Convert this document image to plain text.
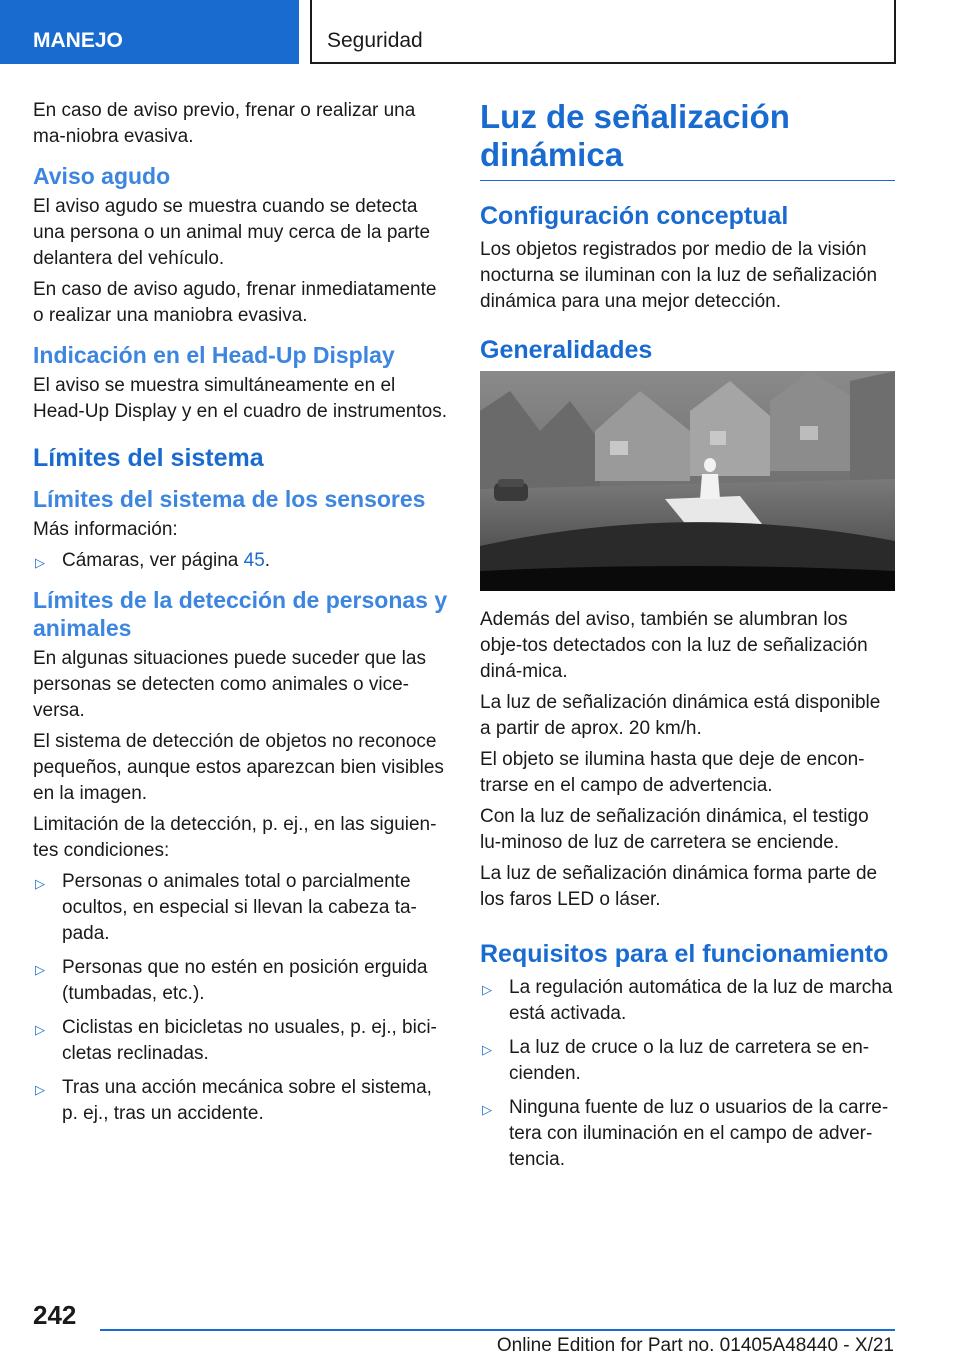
MANEJO	Seguridad

En caso de aviso previo, frenar o realizar una ma-niobra evasiva.

Aviso agudo

El aviso agudo se muestra cuando se detecta una persona o un animal muy cerca de la parte delantera del vehículo.

En caso de aviso agudo, frenar inmediatamente o realizar una maniobra evasiva.

Indicación en el Head-Up Display

El aviso se muestra simultáneamente en el Head-Up Display y en el cuadro de instrumentos.

Límites del sistema
Límites del sistema de los sensores

Más información:

▷ Cámaras, ver página 45.
Límites de la detección de personas y animales

En algunas situaciones puede suceder que las personas se detecten como animales o vice-versa.

El sistema de detección de objetos no reconoce pequeños, aunque estos aparezcan bien visibles en la imagen.

Limitación de la detección, p. ej., en las siguien-tes condiciones:

▷ Personas o animales total o parcialmente ocultos, en especial si llevan la cabeza ta-pada.
▷ Personas que no estén en posición erguida (tumbadas, etc.).
▷ Ciclistas en bicicletas no usuales, p. ej., bici-cletas reclinadas.
▷ Tras una acción mecánica sobre el sistema, p. ej., tras un accidente.
Luz de señalización dinámica
Configuración conceptual

Los objetos registrados por medio de la visión nocturna se iluminan con la luz de señalización dinámica para una mejor detección.

Generalidades

Además del aviso, también se alumbran los obje-tos detectados con la luz de señalización diná-mica.

La luz de señalización dinámica está disponible a partir de aprox. 20 km/h.

El objeto se ilumina hasta que deje de encon-trarse en el campo de advertencia.

Con la luz de señalización dinámica, el testigo lu-minoso de luz de carretera se enciende.

La luz de señalización dinámica forma parte de los faros LED o láser.

Requisitos para el funcionamiento
▷ La regulación automática de la luz de marcha está activada.
▷ La luz de cruce o la luz de carretera se en-cienden.
▷ Ninguna fuente de luz o usuarios de la carre-tera con iluminación en el campo de adver-tencia.
242
Online Edition for Part no. 01405A48440 - X/21
